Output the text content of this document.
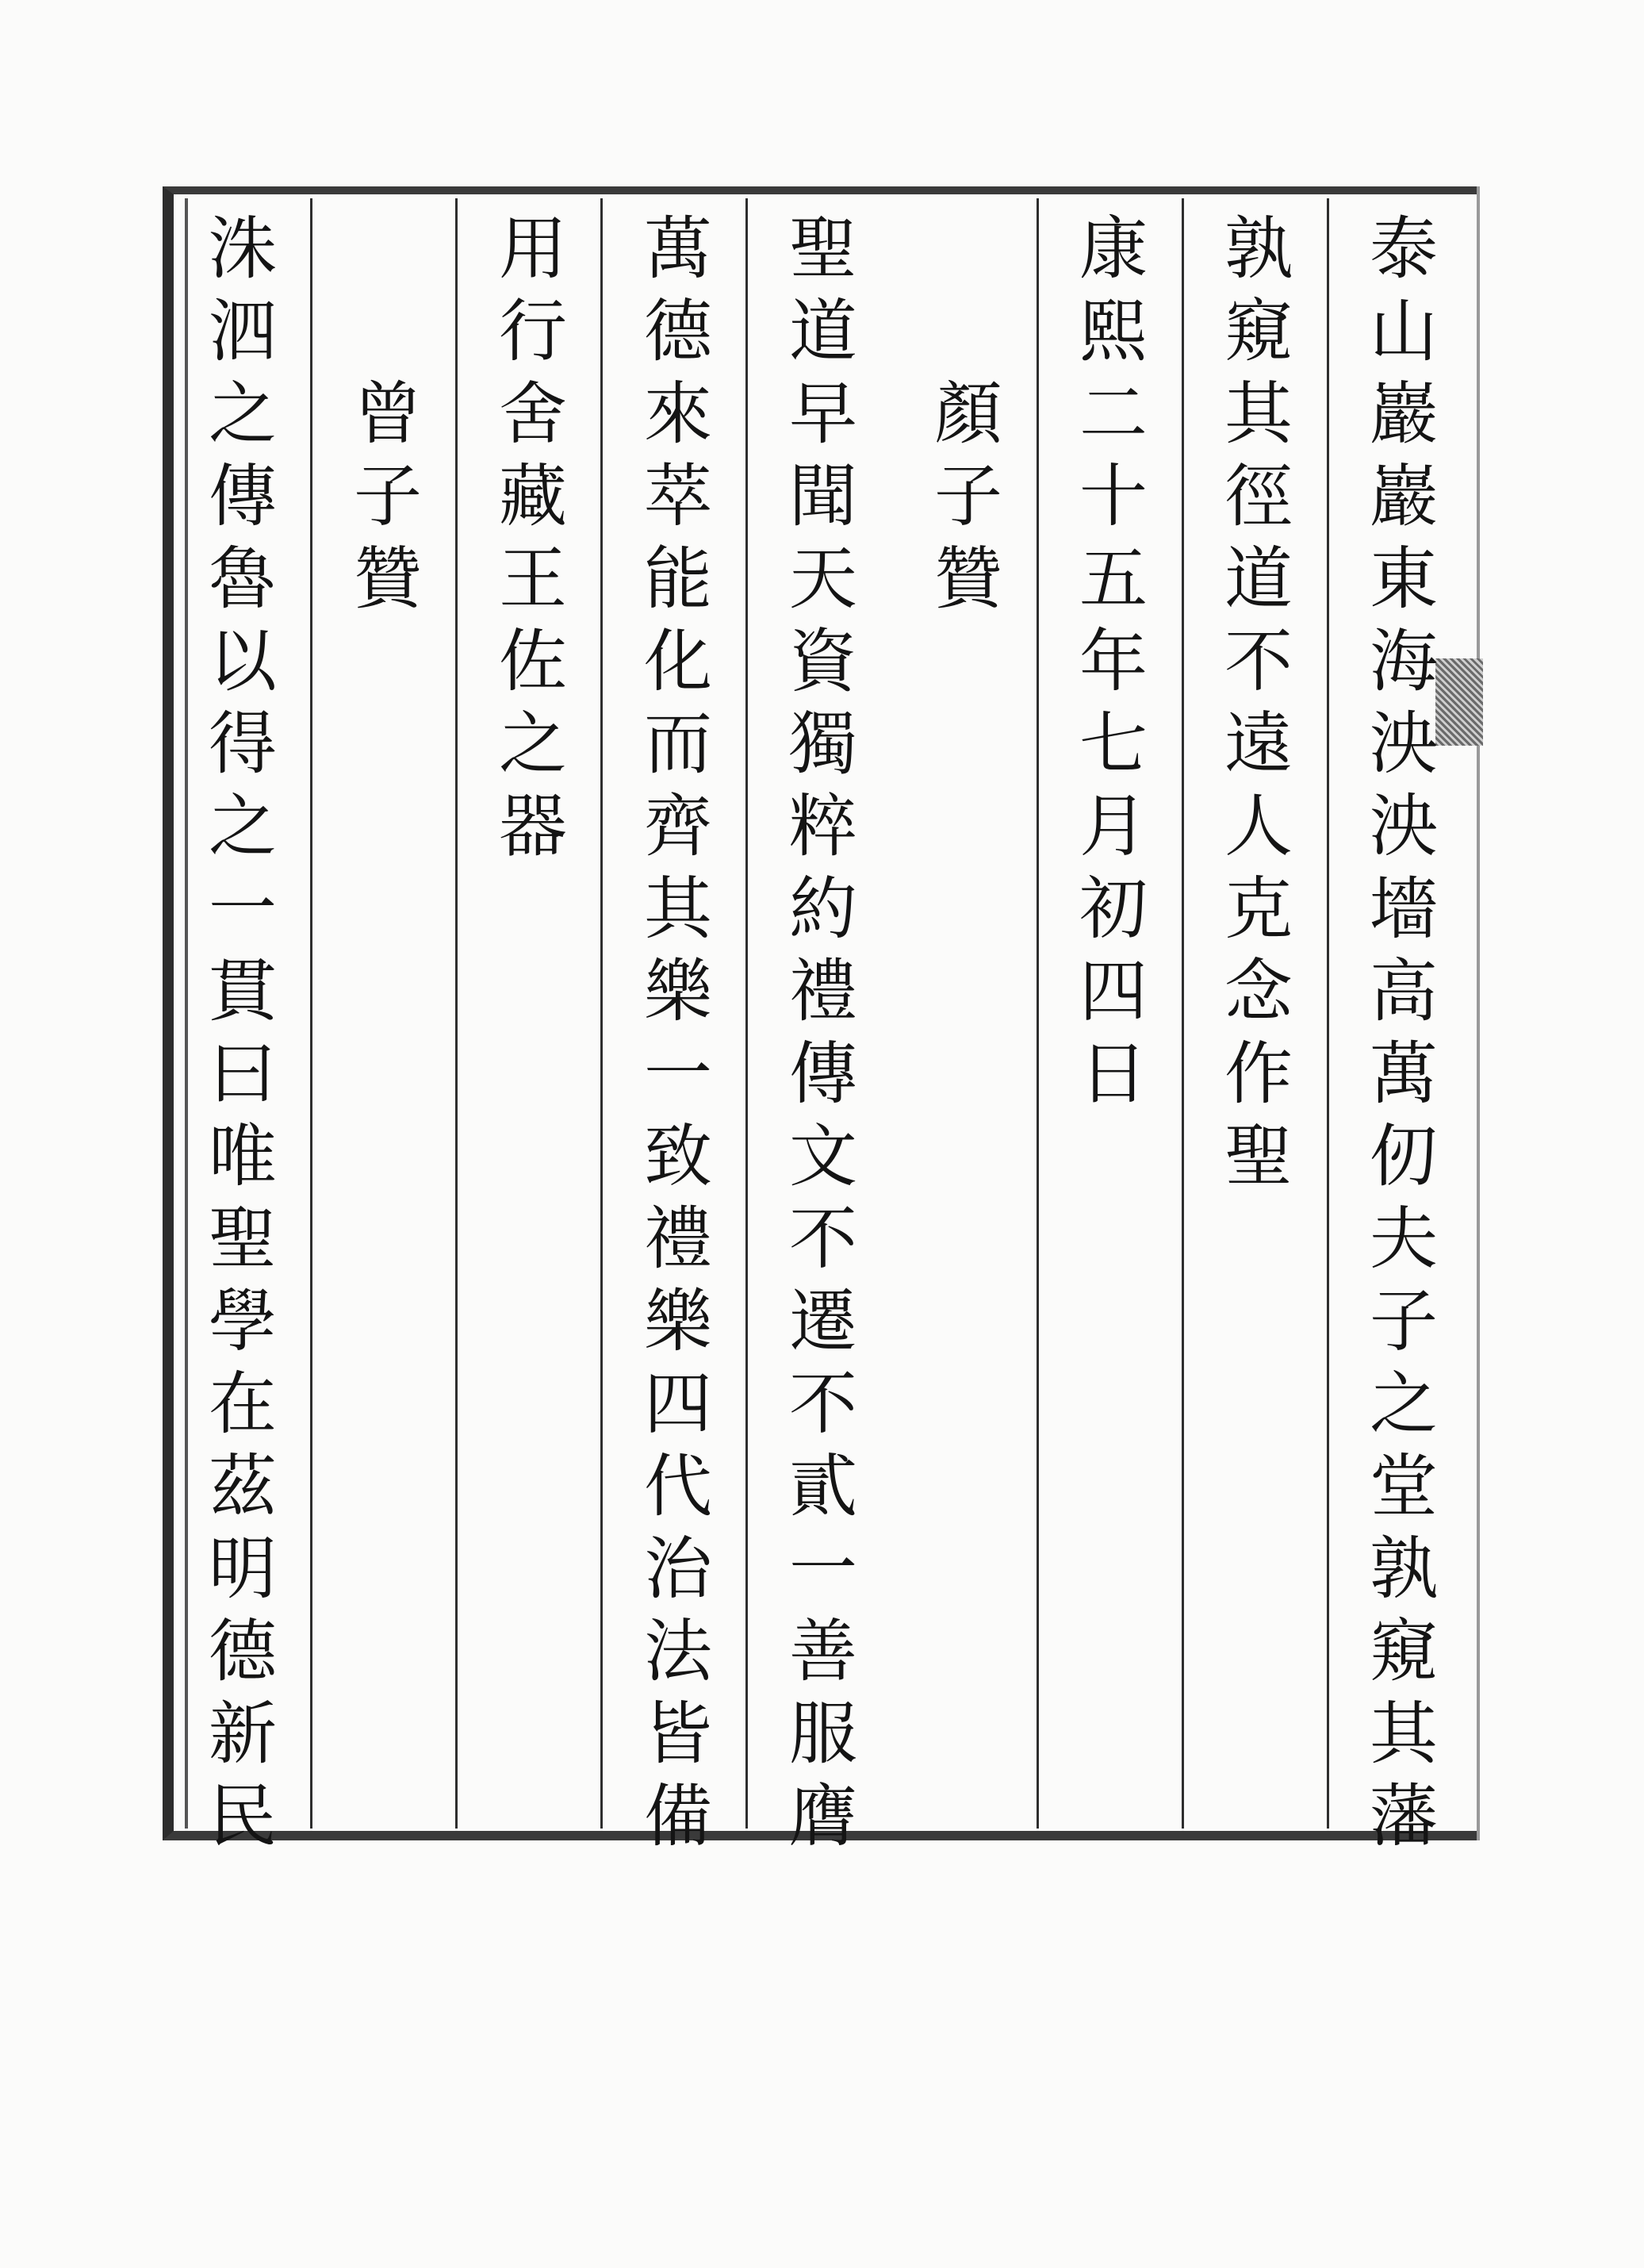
泰
山
巖
巖
東
海
泱
泱
墻
高
萬
仞
夫
子
之
堂
孰
窺
其
藩
孰
窺
其
徑
道
不
遠
人
克
念
作
聖
康
熙
二
十
五
年
七
月
初
四
日

顏
子
贊
聖
道
早
聞
天
資
獨
粹
約
禮
傳
文
不
遷
不
貳
一
善
服
膺
萬
德
來
萃
能
化
而
齊
其
樂
一
致
禮
樂
四
代
治
法
皆
備
用
行
舍
藏
王
佐
之
器

曾
子
贊
洙
泗
之
傳
魯
以
得
之
一
貫
曰
唯
聖
學
在
茲
明
德
新
民
